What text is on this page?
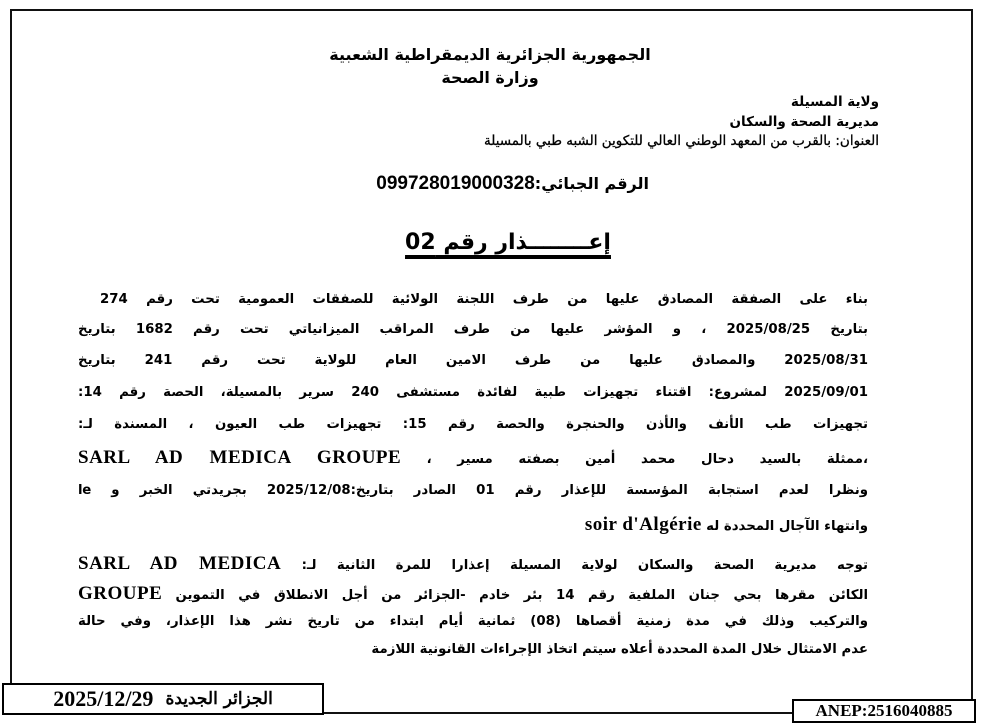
الجمهورية الجزائرية الديمقراطية الشعبية
وزارة الصحة
ولاية المسيلة
مديرية الصحة والسكان
العنوان: بالقرب من المعهد الوطني العالي للتكوين الشبه طبي بالمسيلة
الرقم الجبائي:099728019000328
إعــــــــذار رقم 02
بناء على الصفقة المصادق عليها من طرف اللجنة الولائية للصفقات العمومية تحت رقم 274
بتاريخ 2025/08/25 ، و المؤشر عليها من طرف المراقب الميزانياتي تحت رقم 1682 بتاريخ
2025/08/31 والمصادق عليها من طرف الامين العام للولاية تحت رقم 241 بتاريخ
2025/09/01 لمشروع: اقتناء تجهيزات طبية لفائدة مستشفى 240 سرير بالمسيلة، الحصة رقم 14:
تجهيزات طب الأنف والأذن والحنجرة والحصة رقم 15: تجهيزات طب العيون ، المسندة لـ:
SARL AD MEDICA GROUPE ، ممثلة بالسيد دحال محمد أمين بصفته مسير،
ونظرا لعدم استجابة المؤسسة للإعذار رقم 01 الصادر بتاريخ:2025/12/08 بجريدتي الخبر و le
soir d'Algérie وانتهاء الآجال المحددة له
توجه مديرية الصحة والسكان لولاية المسيلة إعذارا للمرة الثانية لـ: SARL AD MEDICA
GROUPE الكائن مقرها بحي جنان الملفية رقم 14 بئر خادم -الجزائر من أجل الانطلاق في التموين
والتركيب وذلك في مدة زمنية أقصاها (08) ثمانية أيام ابتداء من تاريخ نشر هذا الإعذار، وفي حالة
عدم الامتثال خلال المدة المحددة أعلاه سيتم اتخاذ الإجراءات القانونية اللازمة
الجزائر الجديدة
2025/12/29	ANEP:2516040885
